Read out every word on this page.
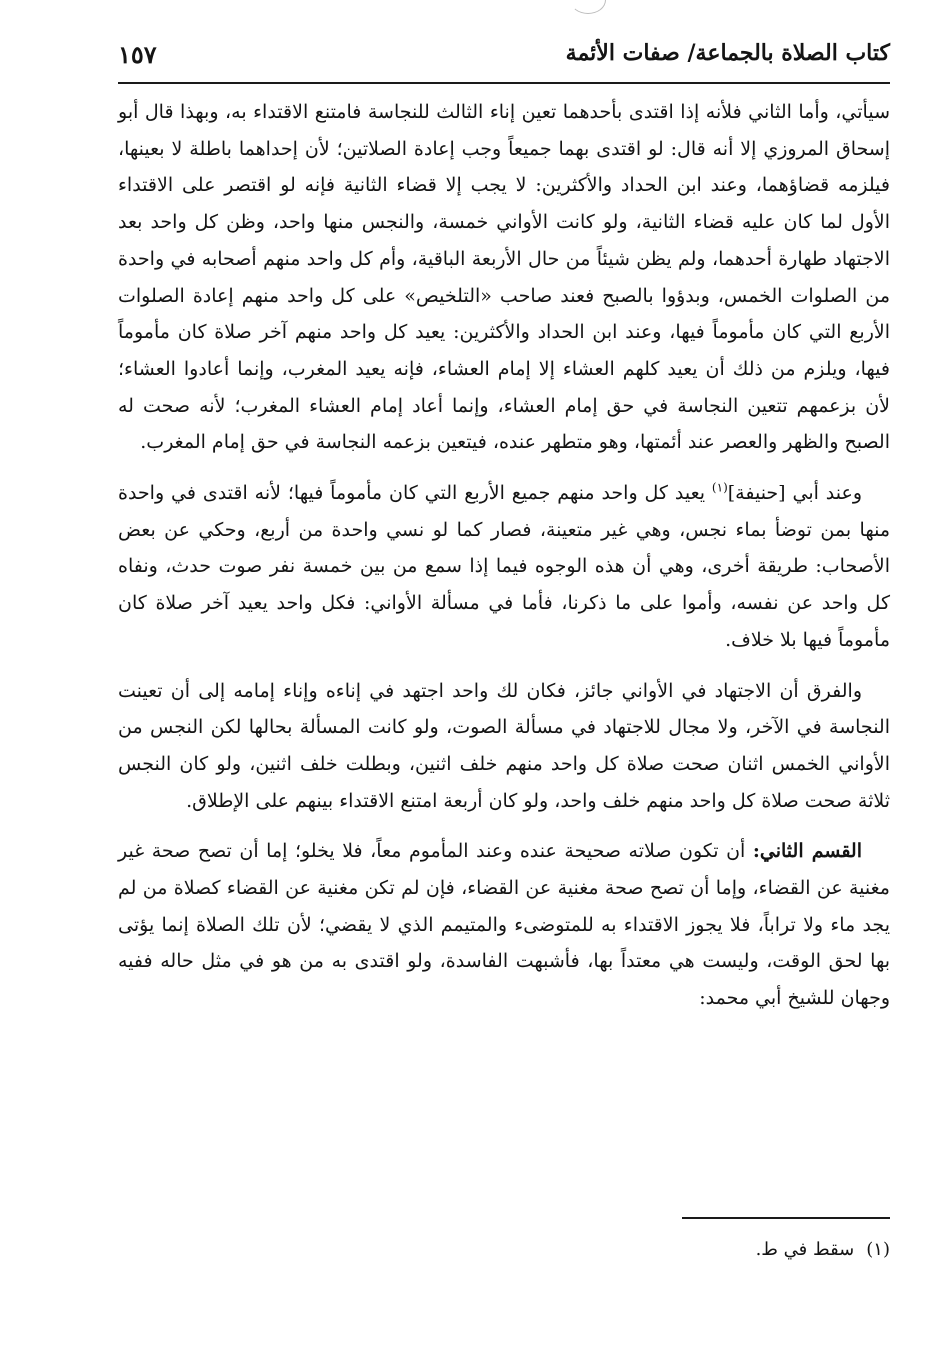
كتاب الصلاة بالجماعة/ صفات الأئمة
١٥٧

سيأتي، وأما الثاني فلأنه إذا اقتدى بأحدهما تعين إناء الثالث للنجاسة فامتنع الاقتداء به، وبهذا قال أبو إسحاق المروزي إلا أنه قال: لو اقتدى بهما جميعاً وجب إعادة الصلاتين؛ لأن إحداهما باطلة لا بعينها، فيلزمه قضاؤهما، وعند ابن الحداد والأكثرين: لا يجب إلا قضاء الثانية فإنه لو اقتصر على الاقتداء الأول لما كان عليه قضاء الثانية، ولو كانت الأواني خمسة، والنجس منها واحد، وظن كل واحد بعد الاجتهاد طهارة أحدهما، ولم يظن شيئاً من حال الأربعة الباقية، وأم كل واحد منهم أصحابه في واحدة من الصلوات الخمس، وبدؤوا بالصبح فعند صاحب «التلخيص» على كل واحد منهم إعادة الصلوات الأربع التي كان مأموماً فيها، وعند ابن الحداد والأكثرين: يعيد كل واحد منهم آخر صلاة كان مأموماً فيها، ويلزم من ذلك أن يعيد كلهم العشاء إلا إمام العشاء، فإنه يعيد المغرب، وإنما أعادوا العشاء؛ لأن بزعمهم تتعين النجاسة في حق إمام العشاء، وإنما أعاد إمام العشاء المغرب؛ لأنه صحت له الصبح والظهر والعصر عند أئمتها، وهو متطهر عنده، فيتعين بزعمه النجاسة في حق إمام المغرب.

وعند أبي [حنيفة]$^{(١)}$ يعيد كل واحد منهم جميع الأربع التي كان مأموماً فيها؛ لأنه اقتدى في واحدة منها بمن توضأ بماء نجس، وهي غير متعينة، فصار كما لو نسي واحدة من أربع، وحكي عن بعض الأصحاب: طريقة أخرى، وهي أن هذه الوجوه فيما إذا سمع من بين خمسة نفر صوت حدث، ونفاه كل واحد عن نفسه، وأموا على ما ذكرنا، فأما في مسألة الأواني: فكل واحد يعيد آخر صلاة كان مأموماً فيها بلا خلاف.

والفرق أن الاجتهاد في الأواني جائز، فكان لك واحد اجتهد في إناءه وإناء إمامه إلى أن تعينت النجاسة في الآخر، ولا مجال للاجتهاد في مسألة الصوت، ولو كانت المسألة بحالها لكن النجس من الأواني الخمس اثنان صحت صلاة كل واحد منهم خلف اثنين، وبطلت خلف اثنين، ولو كان النجس ثلاثة صحت صلاة كل واحد منهم خلف واحد، ولو كان أربعة امتنع الاقتداء بينهم على الإطلاق.

القسم الثاني: أن تكون صلاته صحيحة عنده وعند المأموم معاً، فلا يخلو؛ إما أن تصح صحة غير مغنية عن القضاء، وإما أن تصح صحة مغنية عن القضاء، فإن لم تكن مغنية عن القضاء كصلاة من لم يجد ماء ولا تراباً، فلا يجوز الاقتداء به للمتوضىء والمتيمم الذي لا يقضي؛ لأن تلك الصلاة إنما يؤتى بها لحق الوقت، وليست هي معتداً بها، فأشبهت الفاسدة، ولو اقتدى به من هو في مثل حاله ففيه وجهان للشيخ أبي محمد:

(١)سقط في ط.
